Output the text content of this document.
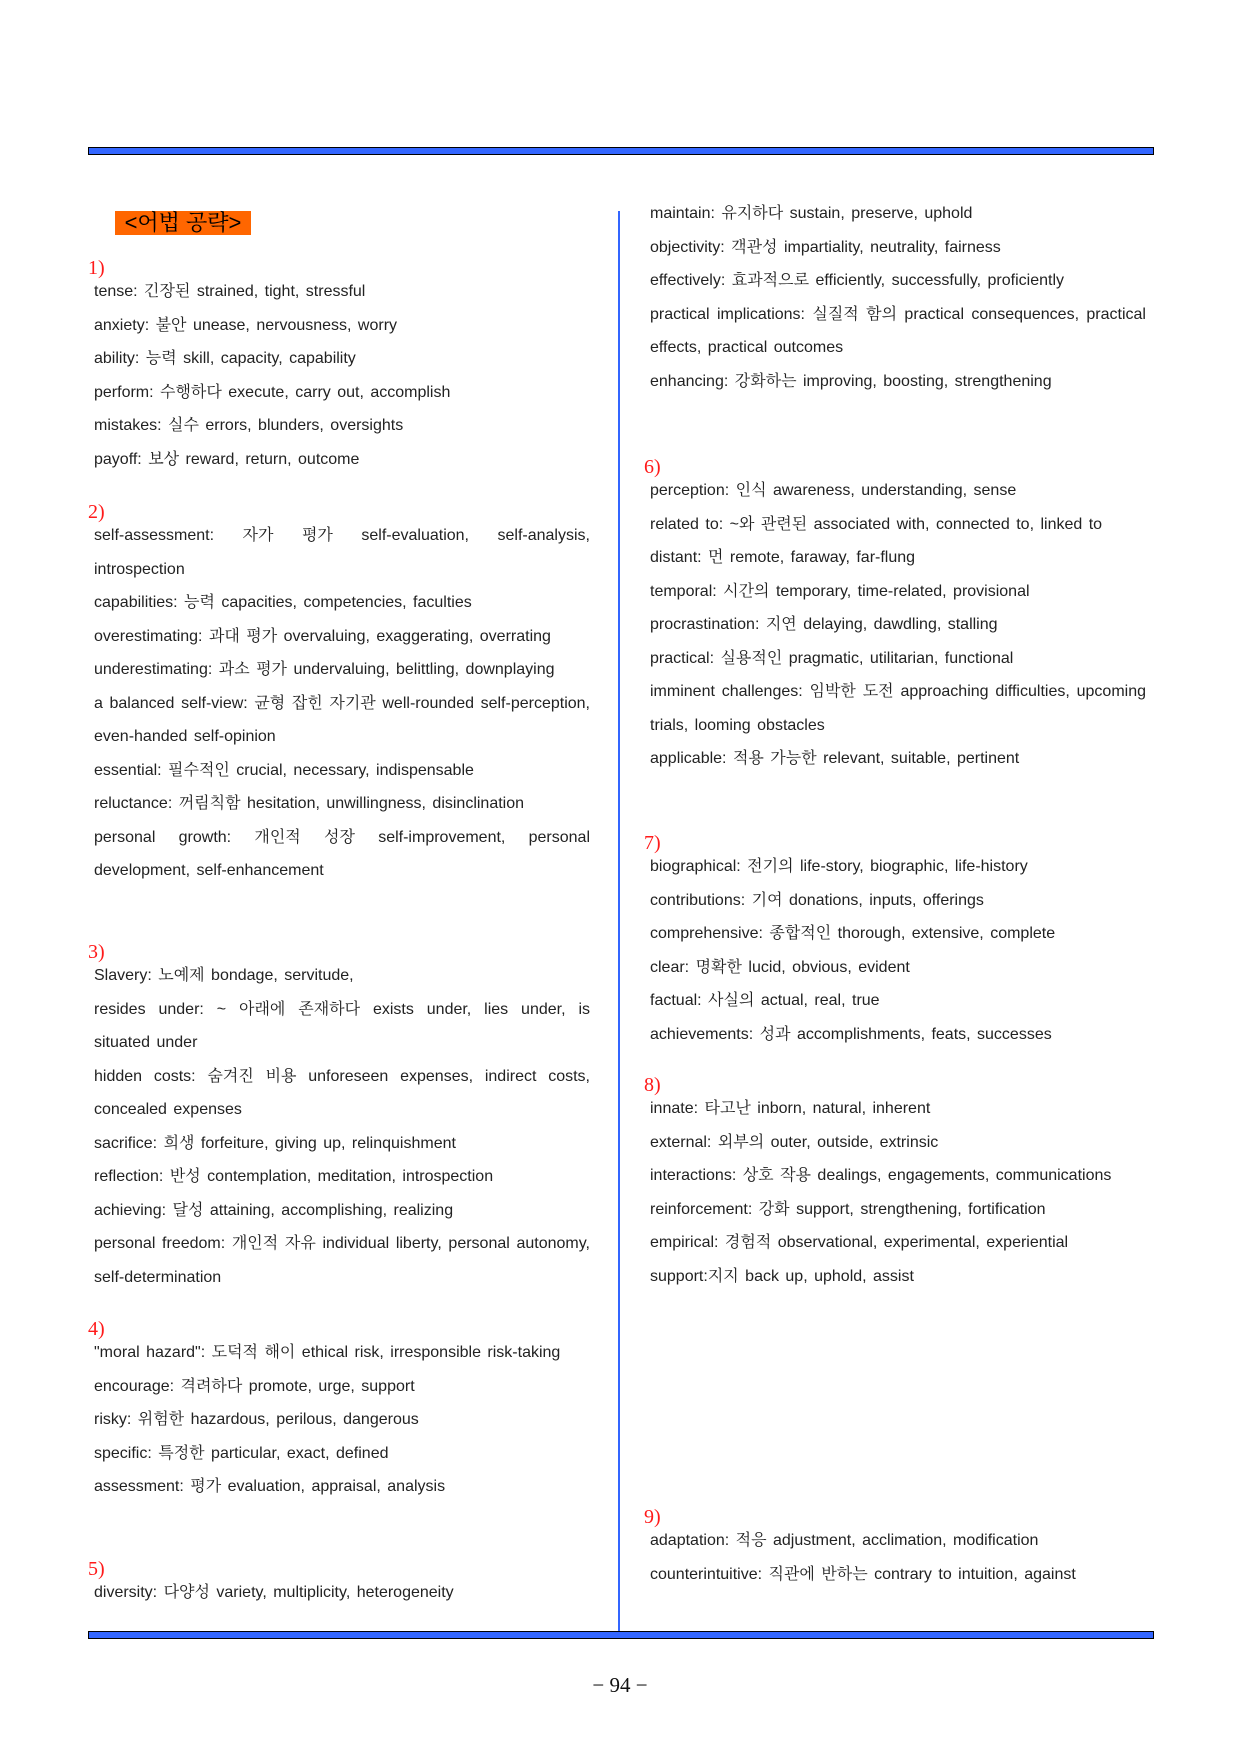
<어법 공략>	maintain: 유지하다 sustain, preserve, uphold
objectivity: 객관성 impartiality, neutrality, fairness
effectively: 효과적으로 efficiently, successfully, proficiently
practical implications: 실질적 함의 practical consequences, practical effects, practical outcomes
enhancing: 강화하는 improving, boosting, strengthening
1)
tense: 긴장된 strained, tight, stressful
anxiety: 불안 unease, nervousness, worry
ability: 능력 skill, capacity, capability
perform: 수행하다 execute, carry out, accomplish
mistakes: 실수 errors, blunders, oversights
payoff: 보상 reward, return, outcome
2)
self-assessment: 자가 평가 self-evaluation, self-analysis, introspection
capabilities: 능력 capacities, competencies, faculties
overestimating: 과대 평가 overvaluing, exaggerating, overrating
underestimating: 과소 평가 undervaluing, belittling, downplaying
a balanced self-view: 균형 잡힌 자기관 well-rounded self-perception, even-handed self-opinion
essential: 필수적인 crucial, necessary, indispensable
reluctance: 꺼림칙함 hesitation, unwillingness, disinclination
personal growth: 개인적 성장 self-improvement, personal development, self-enhancement
3)
Slavery: 노예제 bondage, servitude,
resides under: ~ 아래에 존재하다 exists under, lies under, is situated under
hidden costs: 숨겨진 비용 unforeseen expenses, indirect costs, concealed expenses
sacrifice: 희생 forfeiture, giving up, relinquishment
reflection: 반성 contemplation, meditation, introspection
achieving: 달성 attaining, accomplishing, realizing
personal freedom: 개인적 자유 individual liberty, personal autonomy, self-determination
4)
"moral hazard": 도덕적 해이 ethical risk, irresponsible risk-taking
encourage: 격려하다 promote, urge, support
risky: 위험한 hazardous, perilous, dangerous
specific: 특정한 particular, exact, defined
assessment: 평가 evaluation, appraisal, analysis
5)
diversity: 다양성 variety, multiplicity, heterogeneity
6)
perception: 인식 awareness, understanding, sense
related to: ~와 관련된 associated with, connected to, linked to
distant: 먼 remote, faraway, far-flung
temporal: 시간의 temporary, time-related, provisional
procrastination: 지연 delaying, dawdling, stalling
practical: 실용적인 pragmatic, utilitarian, functional
imminent challenges: 임박한 도전 approaching difficulties, upcoming trials, looming obstacles
applicable: 적용 가능한 relevant, suitable, pertinent
7)
biographical: 전기의 life-story, biographic, life-history
contributions: 기여 donations, inputs, offerings
comprehensive: 종합적인 thorough, extensive, complete
clear: 명확한 lucid, obvious, evident
factual: 사실의 actual, real, true
achievements: 성과 accomplishments, feats, successes
8)
innate: 타고난 inborn, natural, inherent
external: 외부의 outer, outside, extrinsic
interactions: 상호 작용 dealings, engagements, communications
reinforcement: 강화 support, strengthening, fortification
empirical: 경험적 observational, experimental, experiential
support:지지 back up, uphold, assist
9)
adaptation: 적응 adjustment, acclimation, modification
counterintuitive: 직관에 반하는 contrary to intuition, against
− 94 −
